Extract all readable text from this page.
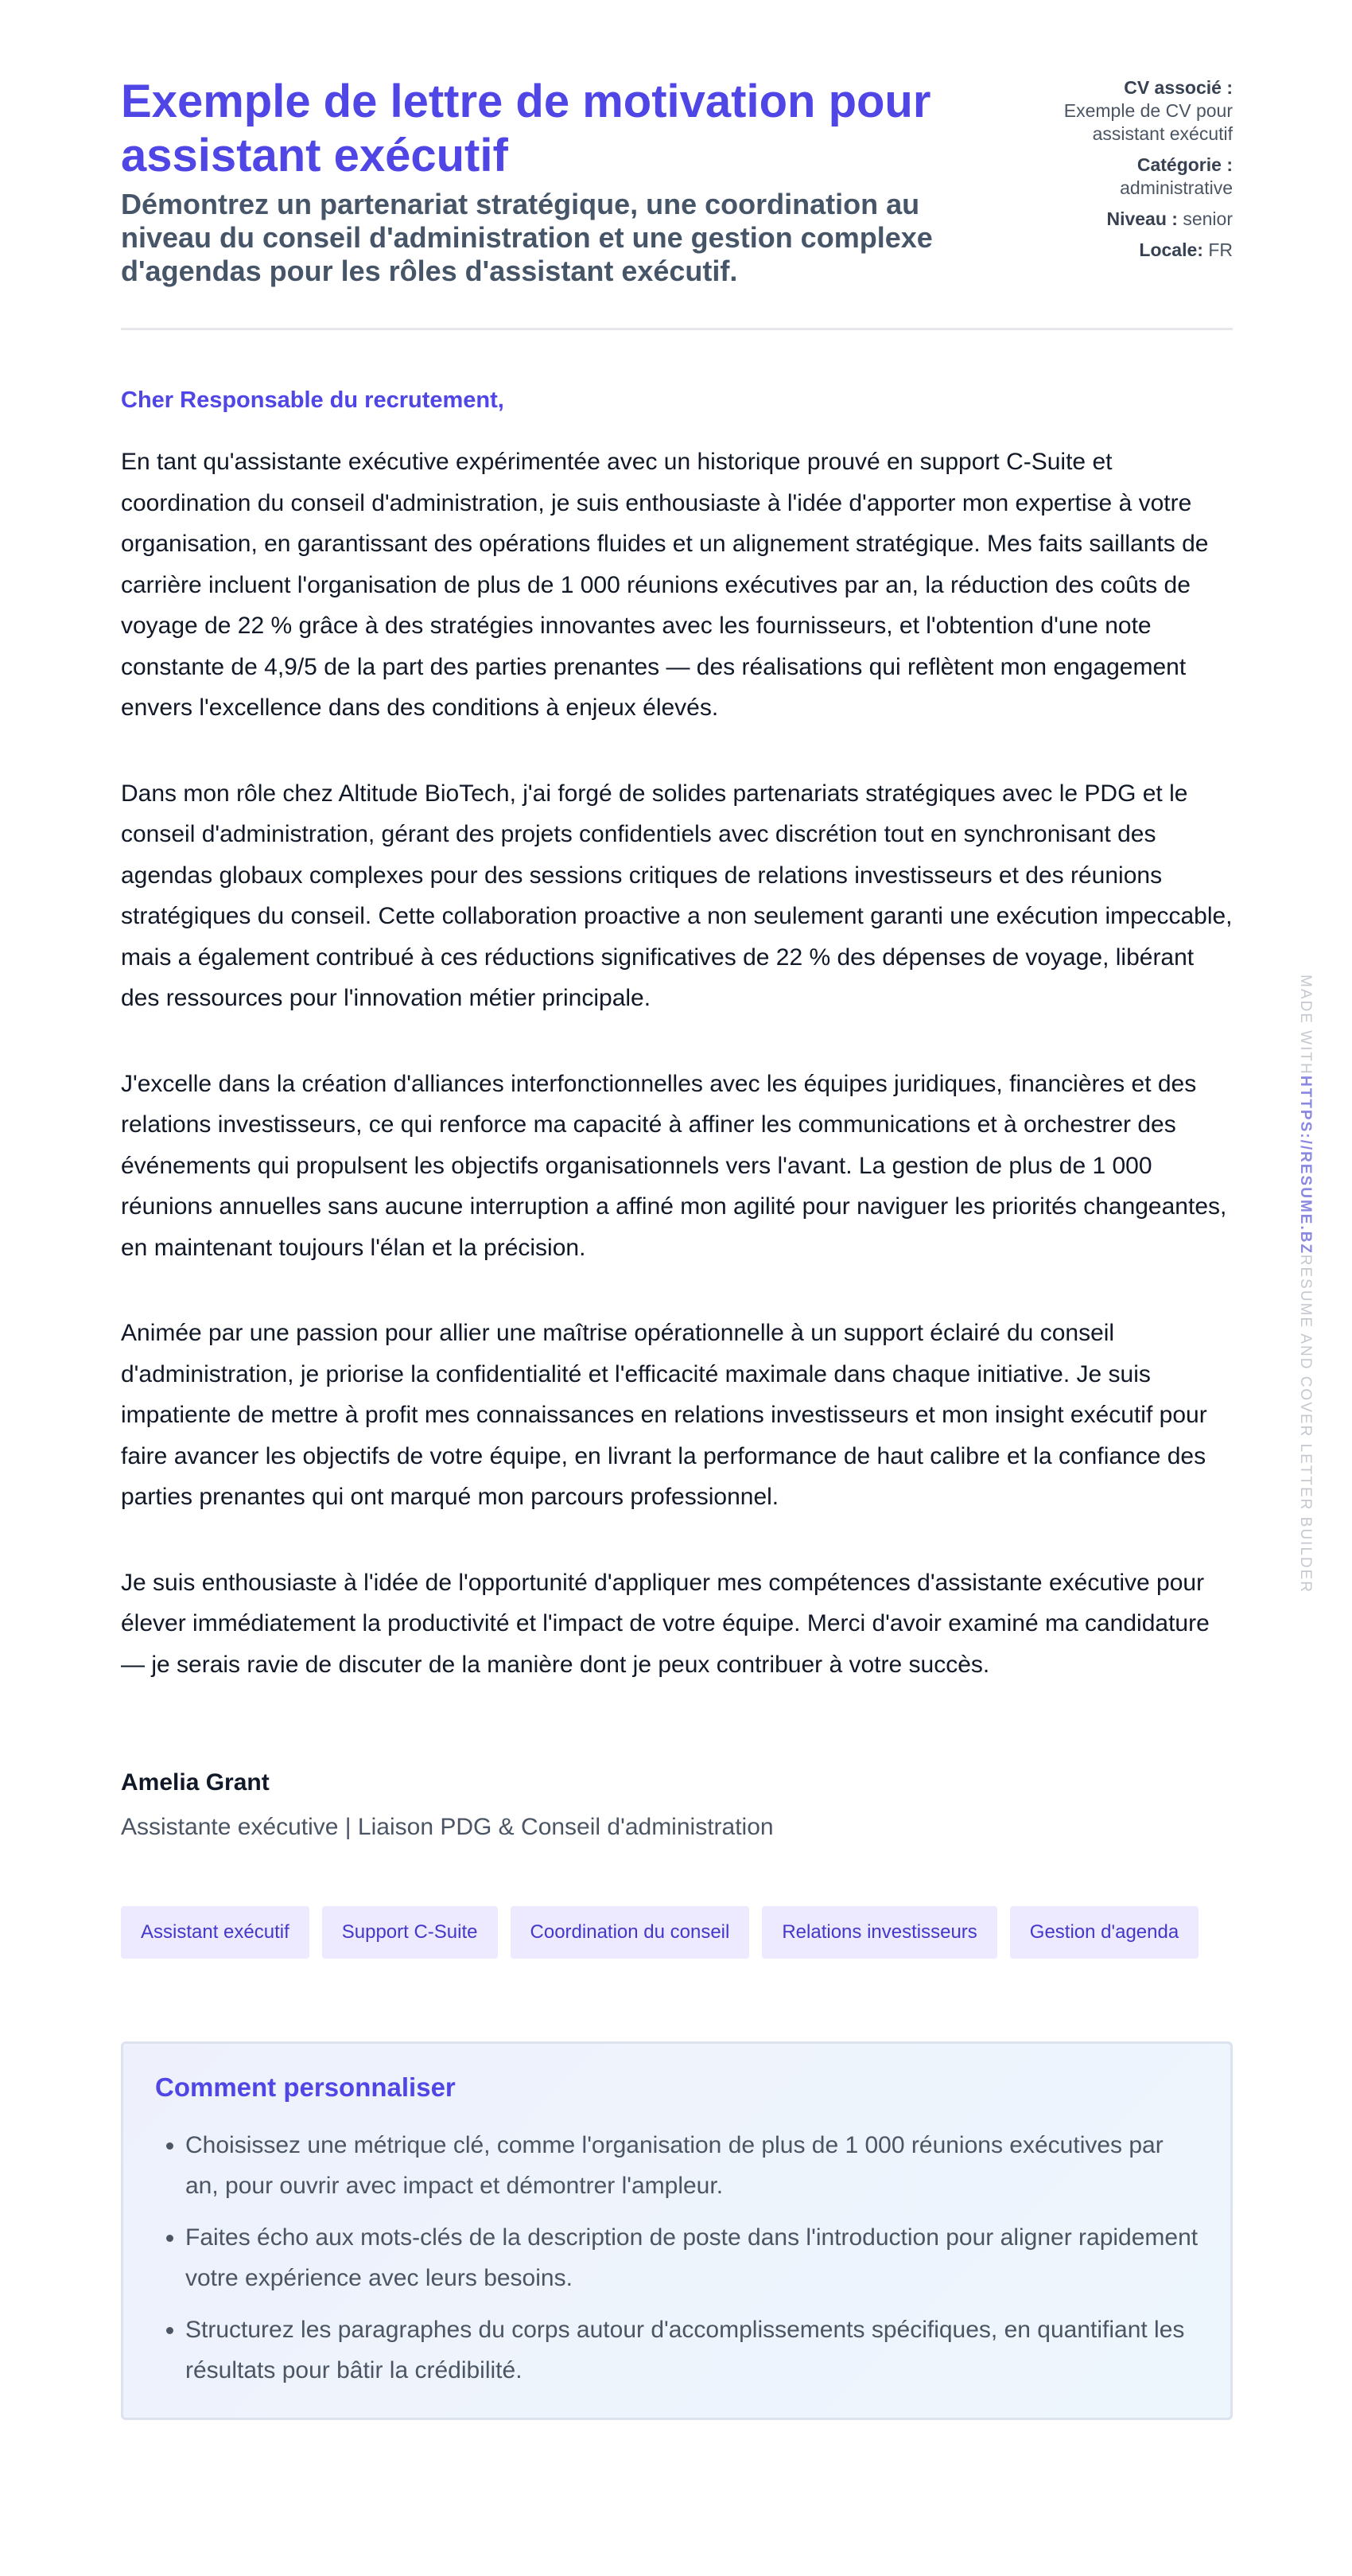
Exemple de lettre de motivation pour assistant exécutif
Démontrez un partenariat stratégique, une coordination au niveau du conseil d'administration et une gestion complexe d'agendas pour les rôles d'assistant exécutif.
CV associé :
Exemple de CV pour assistant exécutif
Catégorie :
administrative
Niveau : senior
Locale: FR

Cher Responsable du recrutement,

En tant qu'assistante exécutive expérimentée avec un historique prouvé en support C-Suite et coordination du conseil d'administration, je suis enthousiaste à l'idée d'apporter mon expertise à votre organisation, en garantissant des opérations fluides et un alignement stratégique. Mes faits saillants de carrière incluent l'organisation de plus de 1 000 réunions exécutives par an, la réduction des coûts de voyage de 22 % grâce à des stratégies innovantes avec les fournisseurs, et l'obtention d'une note constante de 4,9/5 de la part des parties prenantes — des réalisations qui reflètent mon engagement envers l'excellence dans des conditions à enjeux élevés.

Dans mon rôle chez Altitude BioTech, j'ai forgé de solides partenariats stratégiques avec le PDG et le conseil d'administration, gérant des projets confidentiels avec discrétion tout en synchronisant des agendas globaux complexes pour des sessions critiques de relations investisseurs et des réunions stratégiques du conseil. Cette collaboration proactive a non seulement garanti une exécution impeccable, mais a également contribué à ces réductions significatives de 22 % des dépenses de voyage, libérant des ressources pour l'innovation métier principale.

J'excelle dans la création d'alliances interfonctionnelles avec les équipes juridiques, financières et des relations investisseurs, ce qui renforce ma capacité à affiner les communications et à orchestrer des événements qui propulsent les objectifs organisationnels vers l'avant. La gestion de plus de 1 000 réunions annuelles sans aucune interruption a affiné mon agilité pour naviguer les priorités changeantes, en maintenant toujours l'élan et la précision.

Animée par une passion pour allier une maîtrise opérationnelle à un support éclairé du conseil d'administration, je priorise la confidentialité et l'efficacité maximale dans chaque initiative. Je suis impatiente de mettre à profit mes connaissances en relations investisseurs et mon insight exécutif pour faire avancer les objectifs de votre équipe, en livrant la performance de haut calibre et la confiance des parties prenantes qui ont marqué mon parcours professionnel.

Je suis enthousiaste à l'idée de l'opportunité d'appliquer mes compétences d'assistante exécutive pour élever immédiatement la productivité et l'impact de votre équipe. Merci d'avoir examiné ma candidature — je serais ravie de discuter de la manière dont je peux contribuer à votre succès.

Amelia Grant

Assistante exécutive | Liaison PDG & Conseil d'administration

Assistant exécutif	Support C-Suite	Coordination du conseil	Relations investisseurs	Gestion d'agenda
Comment personnaliser
• Choisissez une métrique clé, comme l'organisation de plus de 1 000 réunions exécutives par an, pour ouvrir avec impact et démontrer l'ampleur.
• Faites écho aux mots-clés de la description de poste dans l'introduction pour aligner rapidement votre expérience avec leurs besoins.
• Structurez les paragraphes du corps autour d'accomplissements spécifiques, en quantifiant les résultats pour bâtir la crédibilité.
MADE WITHHTTPS://RESUME.BZRESUME AND COVER LETTER BUILDER
